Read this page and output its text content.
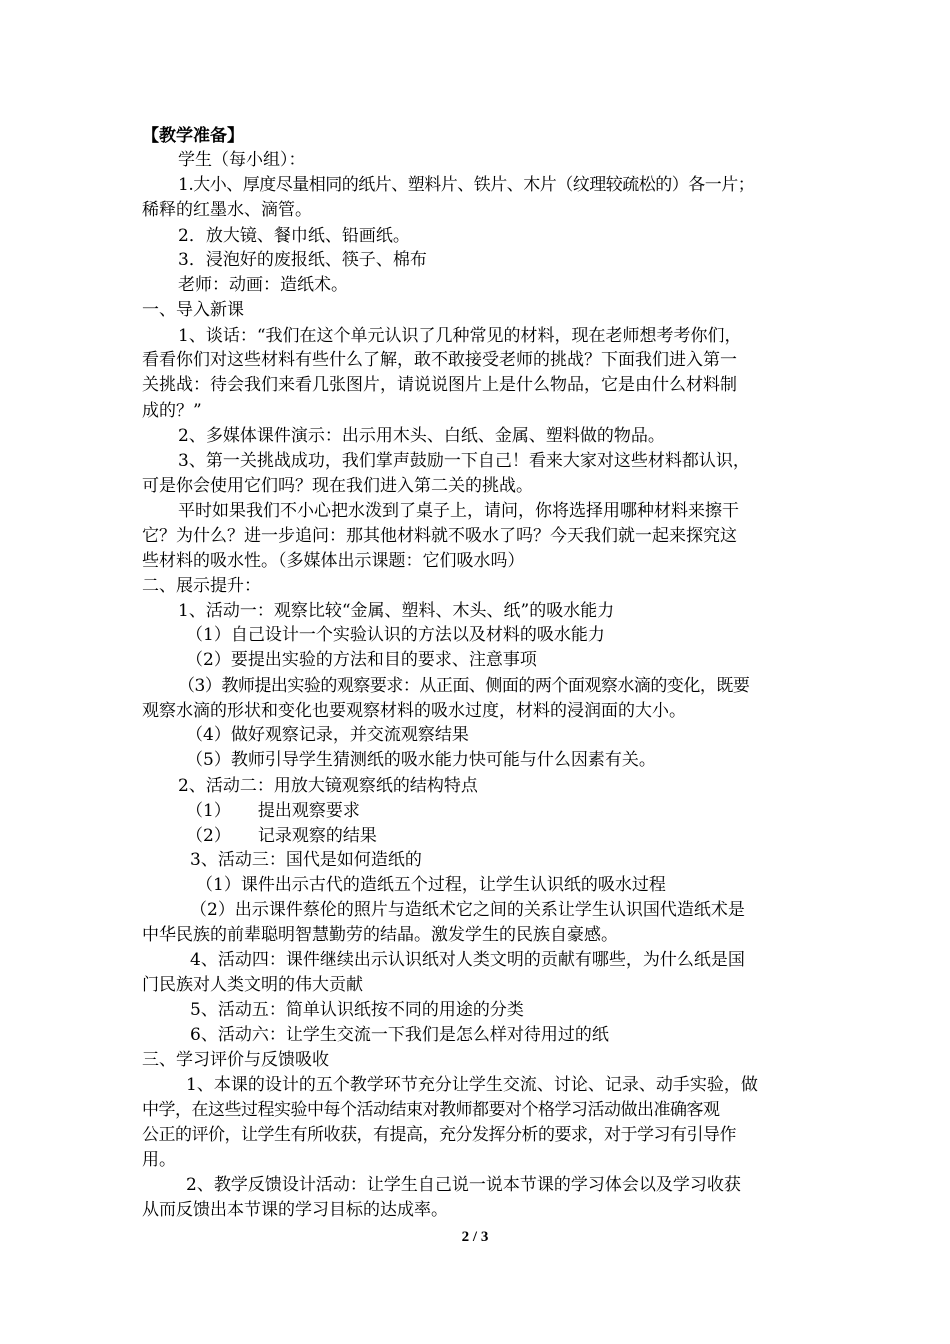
【教学准备】
学生（每小组）：
1.大小、厚度尽量相同的纸片、塑料片、铁片、木片（纹理较疏松的）各一片；
稀释的红墨水、滴管。
2．放大镜、餐巾纸、铅画纸。
3．浸泡好的废报纸、筷子、棉布
老师：动画：造纸术。
一、导入新课
1、谈话：“我们在这个单元认识了几种常见的材料，现在老师想考考你们，
看看你们对这些材料有些什么了解，敢不敢接受老师的挑战？下面我们进入第一
关挑战：待会我们来看几张图片，请说说图片上是什么物品，它是由什么材料制
成的？”
2、多媒体课件演示：出示用木头、白纸、金属、塑料做的物品。
3、第一关挑战成功，我们掌声鼓励一下自己！看来大家对这些材料都认识，
可是你会使用它们吗？现在我们进入第二关的挑战。
平时如果我们不小心把水泼到了桌子上，请问，你将选择用哪种材料来擦干
它？为什么？进一步追问：那其他材料就不吸水了吗？今天我们就一起来探究这
些材料的吸水性。（多媒体出示课题：它们吸水吗）
二、展示提升：
1、活动一：观察比较“金属、塑料、木头、纸”的吸水能力
（1）自己设计一个实验认识的方法以及材料的吸水能力
（2）要提出实验的方法和目的要求、注意事项
（3）教师提出实验的观察要求：从正面、侧面的两个面观察水滴的变化，既要
观察水滴的形状和变化也要观察材料的吸水过度，材料的浸润面的大小。
（4）做好观察记录，并交流观察结果
（5）教师引导学生猜测纸的吸水能力快可能与什么因素有关。
2、活动二：用放大镜观察纸的结构特点
（1）     提出观察要求
（2）     记录观察的结果
3、活动三：国代是如何造纸的
（1）课件出示古代的造纸五个过程，让学生认识纸的吸水过程
（2）出示课件蔡伦的照片与造纸术它之间的关系让学生认识国代造纸术是
中华民族的前辈聪明智慧勤劳的结晶。激发学生的民族自豪感。
4、活动四：课件继续出示认识纸对人类文明的贡献有哪些，为什么纸是国
门民族对人类文明的伟大贡献
5、活动五：简单认识纸按不同的用途的分类
6、活动六：让学生交流一下我们是怎么样对待用过的纸
三、学习评价与反馈吸收
1、本课的设计的五个教学环节充分让学生交流、讨论、记录、动手实验，做
中学，在这些过程实验中每个活动结束对教师都要对个格学习活动做出准确客观
公正的评价，让学生有所收获，有提高，充分发挥分析的要求，对于学习有引导作
用。
2、教学反馈设计活动：让学生自己说一说本节课的学习体会以及学习收获
从而反馈出本节课的学习目标的达成率。
2 / 3
